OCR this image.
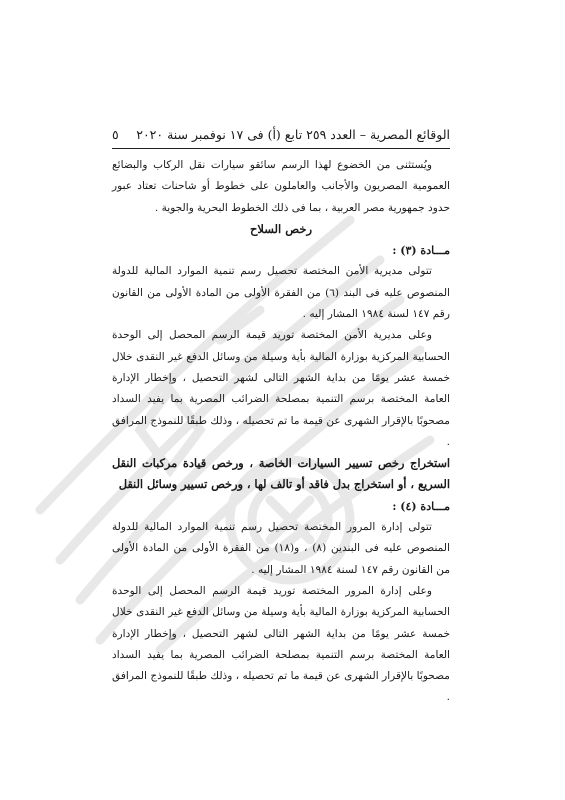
الوقائع المصرية – العدد ٢٥٩ تابع (أ) فى ١٧ نوفمبر سنة ٢٠٢٠
٥

ويُستثنى من الخضوع لهذا الرسم سائقو سيارات نقل الركاب والبضائع العمومية المصريون والأجانب والعاملون على خطوط أو شاحنات تعتاد عبور حدود جمهورية مصر العربية ، بما فى ذلك الخطوط البحرية والجوية .

رخص السلاح

مـــادة (٣) :

تتولى مديرية الأمن المختصة تحصيل رسم تنمية الموارد المالية للدولة المنصوص عليه فى البند (٦) من الفقرة الأولى من المادة الأولى من القانون رقم ١٤٧ لسنة ١٩٨٤ المشار إليه .

وعلى مديرية الأمن المختصة توريد قيمة الرسم المحصل إلى الوحدة الحسابية المركزية بوزارة المالية بأية وسيلة من وسائل الدفع غير النقدى خلال خمسة عشر يومًا من بداية الشهر التالى لشهر التحصيل ، وإخطار الإدارة العامة المختصة برسم التنمية بمصلحة الضرائب المصرية بما يفيد السداد مصحوبًا بالإقرار الشهرى عن قيمة ما تم تحصيله ، وذلك طبقًا للنموذج المرافق .

استخراج رخص تسيير السيارات الخاصة ، ورخص قيادة مركبات النقل

السريع ، أو استخراج بدل فاقد أو تالف لها ، ورخص تسيير وسائل النقل

مـــادة (٤) :

تتولى إدارة المرور المختصة تحصيل رسم تنمية الموارد المالية للدولة المنصوص عليه فى البندين (٨) ، و(١٨) من الفقرة الأولى من المادة الأولى من القانون رقم ١٤٧ لسنة ١٩٨٤ المشار إليه .

وعلى إدارة المرور المختصة توريد قيمة الرسم المحصل إلى الوحدة الحسابية المركزية بوزارة المالية بأية وسيلة من وسائل الدفع غير النقدى خلال خمسة عشر يومًا من بداية الشهر التالى لشهر التحصيل ، وإخطار الإدارة العامة المختصة برسم التنمية بمصلحة الضرائب المصرية بما يفيد السداد مصحوبًا بالإقرار الشهرى عن قيمة ما تم تحصيله ، وذلك طبقًا للنموذج المرافق .
